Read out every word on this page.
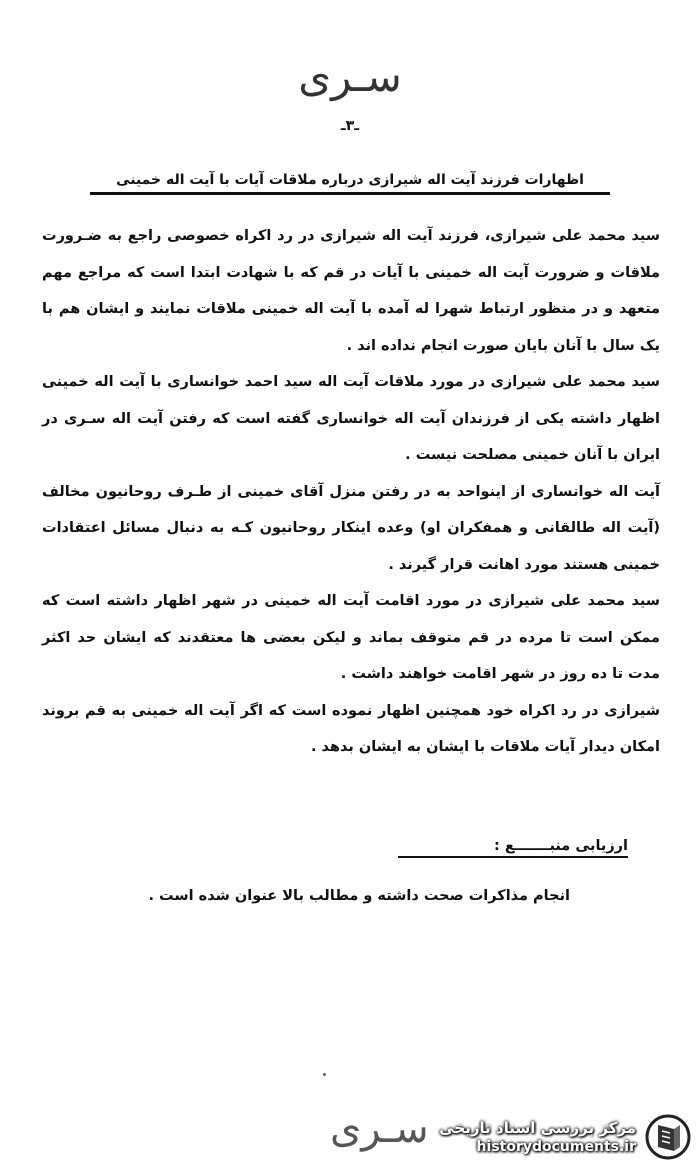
سـری
ـ۳ـ
اظهارات فرزند آیت اله شیرازی درباره ملاقات آیات با آیت اله خمینی

سید محمد علی شیرازی، فرزند آیت اله شیرازی در رد اکراه خصوصی راجع به ضـرورت ملاقات و ضرورت آیت اله خمینی با آیات در قم که با شهادت ابتدا است که مراجع مهم متعهد و در منظور ارتباط شهرا له آمده با آیت اله خمینی ملاقات نمایند و ایشان هم با یک سال با آنان بایان صورت انجام نداده اند .

سید محمد علی شیرازی در مورد ملاقات آیت اله سید احمد خوانساری با آیت اله خمینی اظهار داشته یکی از فرزندان آیت اله خوانساری گفته است که رفتن آیت اله سـری در ایران با آنان خمینی مصلحت نیست .

آیت اله خوانساری از اینواحد به در رفتن منزل آقای خمینی از طـرف روحانیون مخالف (آیت اله طالقانی و همفکران او) وعده اینکار روحانیون کـه به دنبال مسائل اعتقادات خمینی هستند مورد اهانت قرار گیرند .

سید محمد علی شیرازی در مورد اقامت آیت اله خمینی در شهر اظهار داشته است که ممکن است تا مرده در قم متوقف بماند و لیکن بعضی ها معتقدند که ایشان حد اکثر مدت تا ده روز در شهر اقامت خواهند داشت .

شیرازی در رد اکراه خود همچنین اظهار نموده است که اگر آیت اله خمینی به قم بروند امکان دیدار آیات ملاقات با ایشان به ایشان بدهد .

ارزیابی منبـــــــع :
انجام مذاکرات صحت داشته و مطالب بالا عنوان شده است .
سـری مرکز بررسی اسناد تاریخی
historydocuments.ir
